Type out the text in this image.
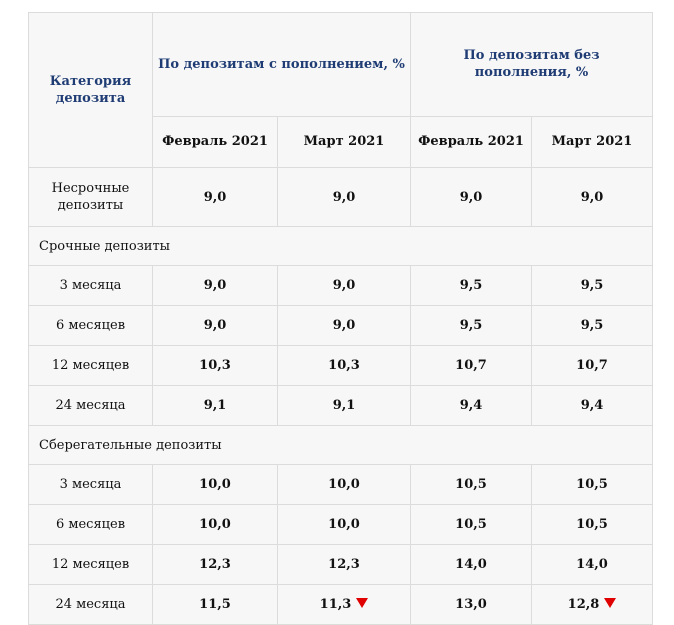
Категория депозита	По депозитам с пополнением, %		По депозитам без пополнения, %	
	Февраль 2021	Март 2021	Февраль 2021	Март 2021
Несрочные депозиты	9,0	9,0	9,0	9,0
Срочные депозиты				
3 месяца	9,0	9,0	9,5	9,5
6 месяцев	9,0	9,0	9,5	9,5
12 месяцев	10,3	10,3	10,7	10,7
24 месяца	9,1	9,1	9,4	9,4
Сберегательные депозиты				
3 месяца	10,0	10,0	10,5	10,5
6 месяцев	10,0	10,0	10,5	10,5
12 месяцев	12,3	12,3	14,0	14,0
24 месяца	11,5	11,3	13,0	12,8
